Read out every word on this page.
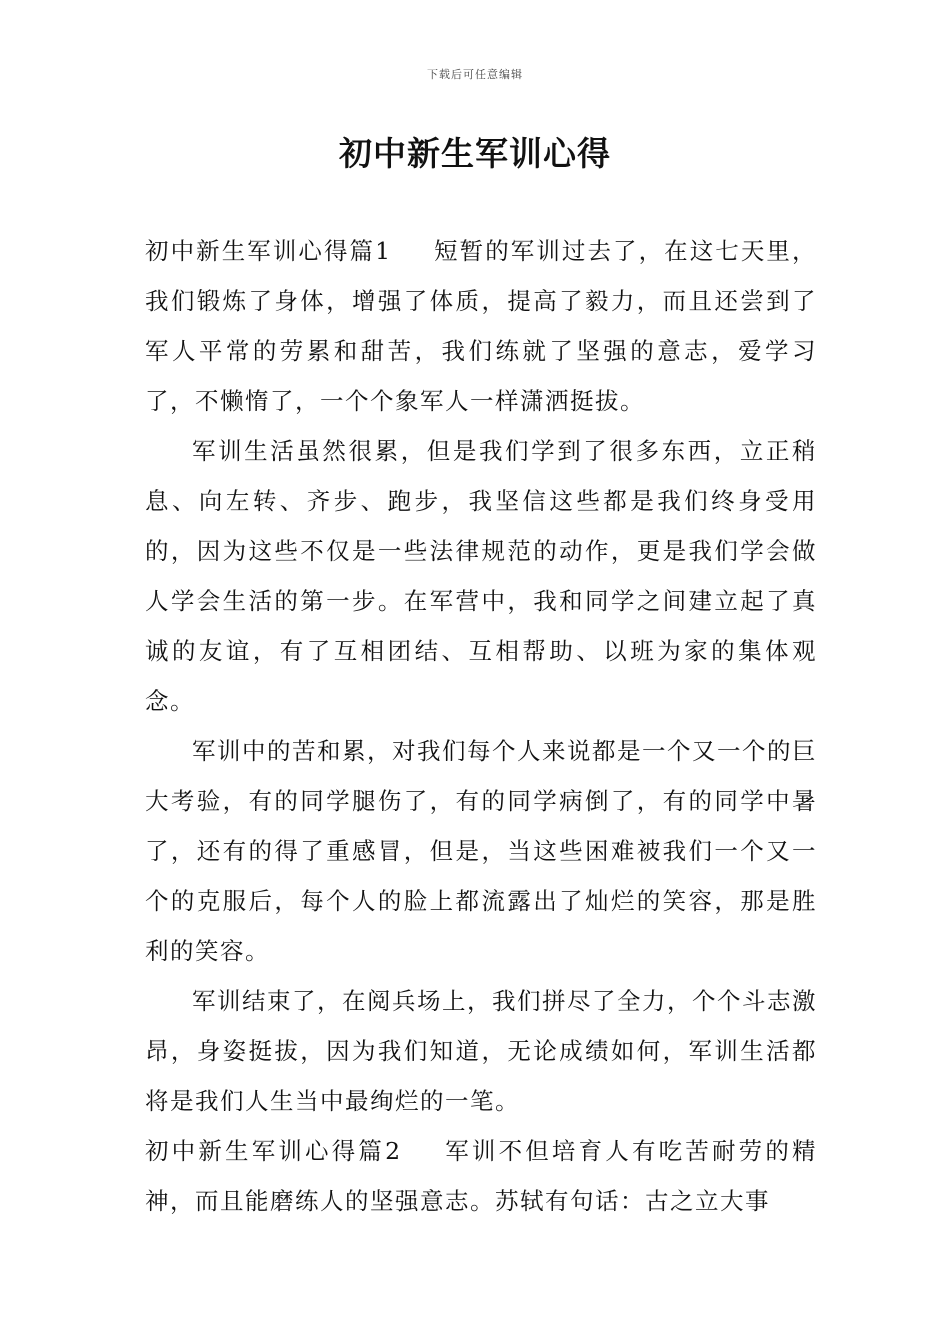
下载后可任意编辑
初中新生军训心得

初中新生军训心得篇1 短暂的军训过去了，在这七天里，我们锻炼了身体，增强了体质，提高了毅力，而且还尝到了军人平常的劳累和甜苦，我们练就了坚强的意志，爱学习了，不懒惰了，一个个象军人一样潇洒挺拔。

军训生活虽然很累，但是我们学到了很多东西，立正稍息、向左转、齐步、跑步，我坚信这些都是我们终身受用的，因为这些不仅是一些法律规范的动作，更是我们学会做人学会生活的第一步。在军营中，我和同学之间建立起了真诚的友谊，有了互相团结、互相帮助、以班为家的集体观念。

军训中的苦和累，对我们每个人来说都是一个又一个的巨大考验，有的同学腿伤了，有的同学病倒了，有的同学中暑了，还有的得了重感冒，但是，当这些困难被我们一个又一个的克服后，每个人的脸上都流露出了灿烂的笑容，那是胜利的笑容。

军训结束了，在阅兵场上，我们拼尽了全力，个个斗志激昂，身姿挺拔，因为我们知道，无论成绩如何，军训生活都将是我们人生当中最绚烂的一笔。

初中新生军训心得篇2 军训不但培育人有吃苦耐劳的精神，而且能磨练人的坚强意志。苏轼有句话：古之立大事
